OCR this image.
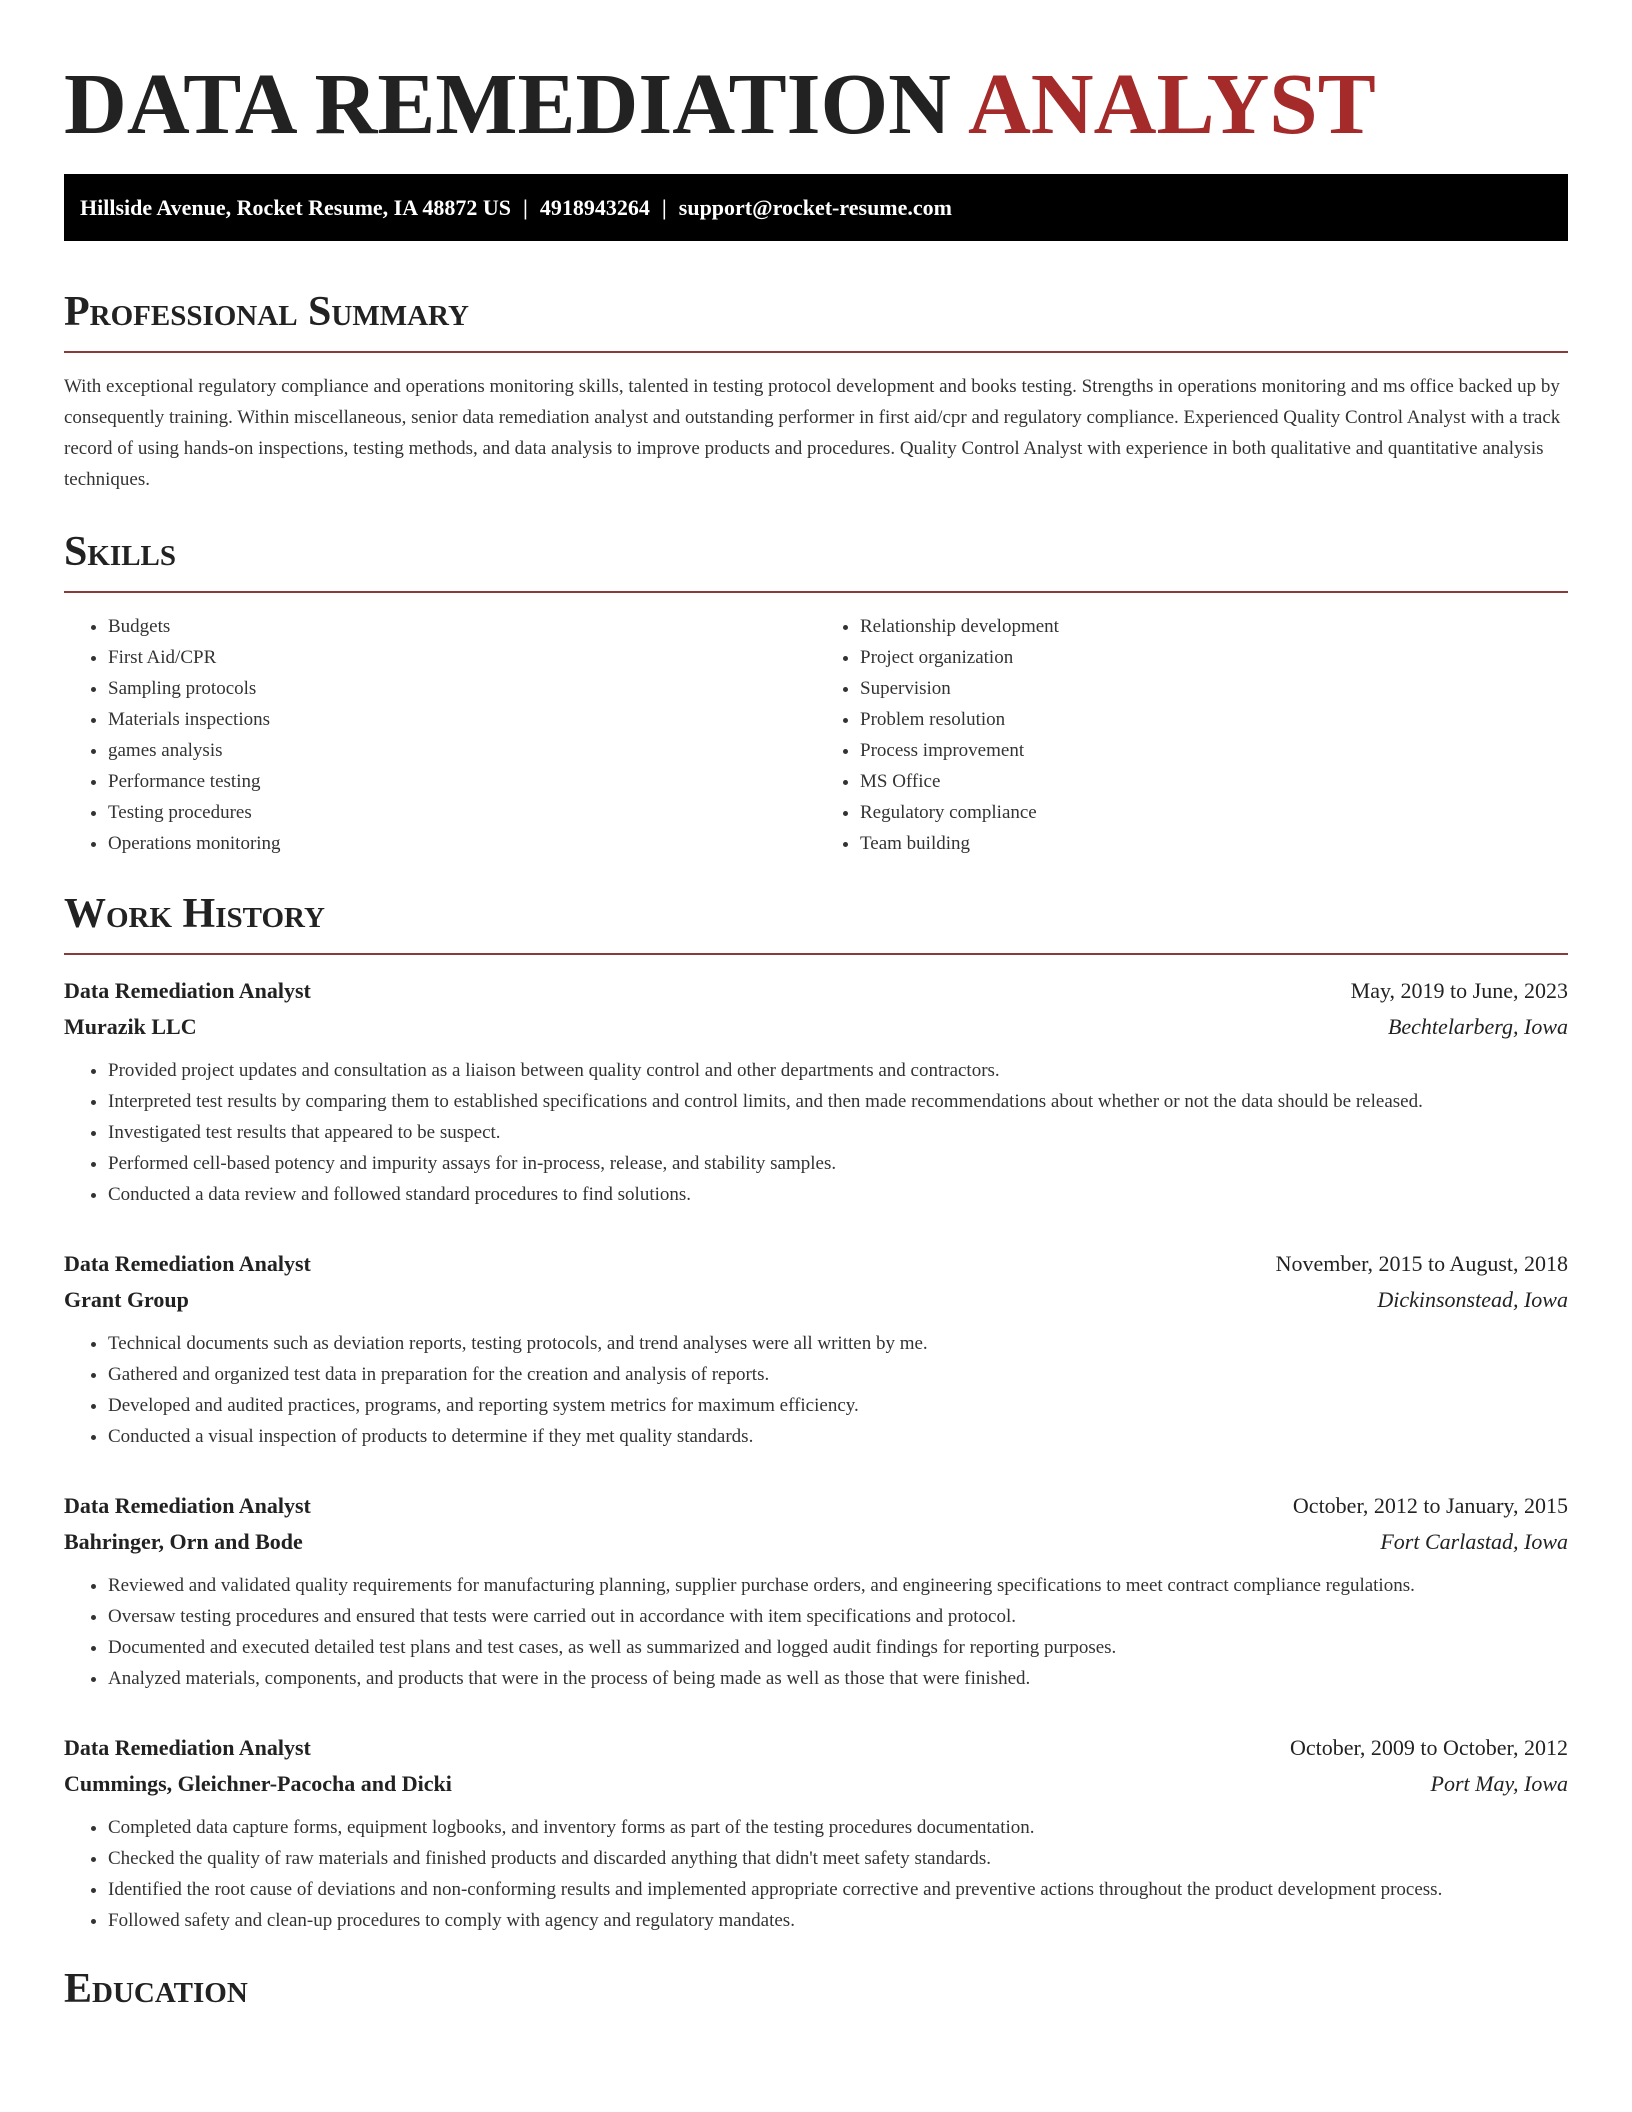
DATA REMEDIATION ANALYST
Hillside Avenue, Rocket Resume, IA 48872 US | 4918943264 | support@rocket-resume.com
Professional Summary

With exceptional regulatory compliance and operations monitoring skills, talented in testing protocol development and books testing. Strengths in operations monitoring and ms office backed up by consequently training. Within miscellaneous, senior data remediation analyst and outstanding performer in first aid/cpr and regulatory compliance. Experienced Quality Control Analyst with a track record of using hands-on inspections, testing methods, and data analysis to improve products and procedures. Quality Control Analyst with experience in both qualitative and quantitative analysis techniques.

Skills
• Budgets
• First Aid/CPR
• Sampling protocols
• Materials inspections
• games analysis
• Performance testing
• Testing procedures
• Operations monitoring
• Relationship development
• Project organization
• Supervision
• Problem resolution
• Process improvement
• MS Office
• Regulatory compliance
• Team building
Work History
Data Remediation Analyst	May, 2019 to June, 2023
Murazik LLC	Bechtelarberg, Iowa
• Provided project updates and consultation as a liaison between quality control and other departments and contractors.
• Interpreted test results by comparing them to established specifications and control limits, and then made recommendations about whether or not the data should be released.
• Investigated test results that appeared to be suspect.
• Performed cell-based potency and impurity assays for in-process, release, and stability samples.
• Conducted a data review and followed standard procedures to find solutions.
Data Remediation Analyst	November, 2015 to August, 2018
Grant Group	Dickinsonstead, Iowa
• Technical documents such as deviation reports, testing protocols, and trend analyses were all written by me.
• Gathered and organized test data in preparation for the creation and analysis of reports.
• Developed and audited practices, programs, and reporting system metrics for maximum efficiency.
• Conducted a visual inspection of products to determine if they met quality standards.
Data Remediation Analyst	October, 2012 to January, 2015
Bahringer, Orn and Bode	Fort Carlastad, Iowa
• Reviewed and validated quality requirements for manufacturing planning, supplier purchase orders, and engineering specifications to meet contract compliance regulations.
• Oversaw testing procedures and ensured that tests were carried out in accordance with item specifications and protocol.
• Documented and executed detailed test plans and test cases, as well as summarized and logged audit findings for reporting purposes.
• Analyzed materials, components, and products that were in the process of being made as well as those that were finished.
Data Remediation Analyst	October, 2009 to October, 2012
Cummings, Gleichner-Pacocha and Dicki	Port May, Iowa
• Completed data capture forms, equipment logbooks, and inventory forms as part of the testing procedures documentation.
• Checked the quality of raw materials and finished products and discarded anything that didn't meet safety standards.
• Identified the root cause of deviations and non-conforming results and implemented appropriate corrective and preventive actions throughout the product development process.
• Followed safety and clean-up procedures to comply with agency and regulatory mandates.
Education
